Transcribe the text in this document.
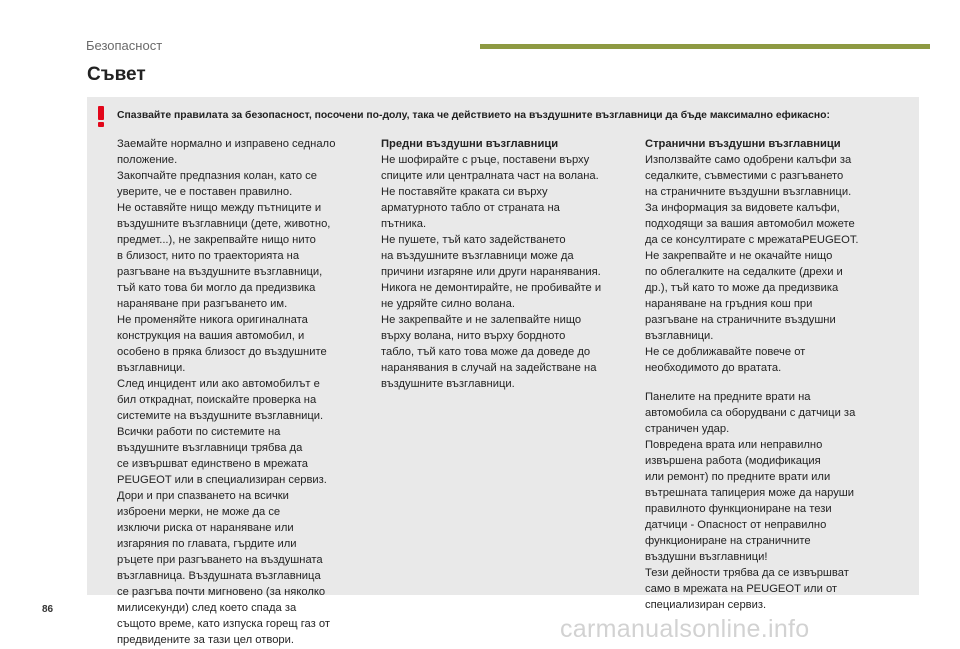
Безопасност
Съвет
Спазвайте правилата за безопасност, посочени по-долу, така че действието на въздушните възглавници да бъде максимално ефикасно:

Заемайте нормално и изправено седнало

положение.

Закопчайте предпазния колан, като се

уверите, че е поставен правилно.

Не оставяйте нищо между пътниците и

въздушните възглавници (дете, животно,

предмет...), не закрепвайте нищо нито

в близост, нито по траекторията на

разгъване на въздушните възглавници,

тъй като това би могло да предизвика

нараняване при разгъването им.

Не променяйте никога оригиналната

конструкция на вашия автомобил, и

особено в пряка близост до въздушните

възглавници.

След инцидент или ако автомобилът е

бил откраднат, поискайте проверка на

системите на въздушните възглавници.

Всички работи по системите на

въздушните възглавници трябва да

се извършват единствено в мрежата

PEUGEOT или в специализиран сервиз.

Дори и при спазването на всички

изброени мерки, не може да се

изключи риска от нараняване или

изгаряния по главата, гърдите или

ръцете при разгъването на въздушната

възглавница. Въздушната възглавница

се разгъва почти мигновено (за няколко

милисекунди) след което спада за

същото време, като изпуска горещ газ от

предвидените за тази цел отвори.

Предни въздушни възглавници

Не шофирайте с ръце, поставени върху

спиците или централната част на волана.

Не поставяйте краката си върху

арматурното табло от страната на

пътника.

Не пушете, тъй като задействането

на въздушните възглавници може да

причини изгаряне или други наранявания.

Никога не демонтирайте, не пробивайте и

не удряйте силно волана.

Не закрепвайте и не залепвайте нищо

върху волана, нито върху бордното

табло, тъй като това може да доведе до

наранявания в случай на задействане на

въздушните възглавници.

Странични въздушни възглавници

Използвайте само одобрени калъфи за

седалките, съвместими с разгъването

на страничните въздушни възглавници.

За информация за видовете калъфи,

подходящи за вашия автомобил можете

да се консултирате с мрежатаPEUGEOT.

Не закрепвайте и не окачайте нищо

по облегалките на седалките (дрехи и

др.), тъй като то може да предизвика

нараняване на гръдния кош при

разгъване на страничните въздушни

възглавници.

Не се доближавайте повече от

необходимото до вратата.

Панелите на предните врати на

автомобила са оборудвани с датчици за

страничен удар.

Повредена врата или неправилно

извършена работа (модификация

или ремонт) по предните врати или

вътрешната тапицерия може да наруши

правилното функциониране на тези

датчици - Опасност от неправилно

функциониране на страничните

въздушни възглавници!

Тези дейности трябва да се извършват

само в мрежата на PEUGEOT или от

специализиран сервиз.

86
carmanualsonline.info
